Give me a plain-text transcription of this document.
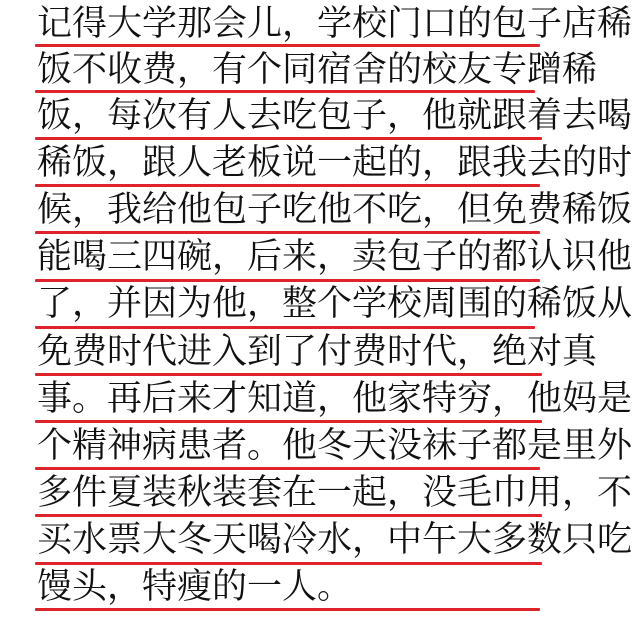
记得大学那会儿，学校门口的包子店稀
饭不收费，有个同宿舍的校友专蹭稀
饭，每次有人去吃包子，他就跟着去喝
稀饭，跟人老板说一起的，跟我去的时
候，我给他包子吃他不吃，但免费稀饭
能喝三四碗，后来，卖包子的都认识他
了，并因为他，整个学校周围的稀饭从
免费时代进入到了付费时代，绝对真
事。再后来才知道，他家特穷，他妈是
个精神病患者。他冬天没袜子都是里外
多件夏装秋装套在一起，没毛巾用，不
买水票大冬天喝冷水，中午大多数只吃
馒头，特瘦的一人。
